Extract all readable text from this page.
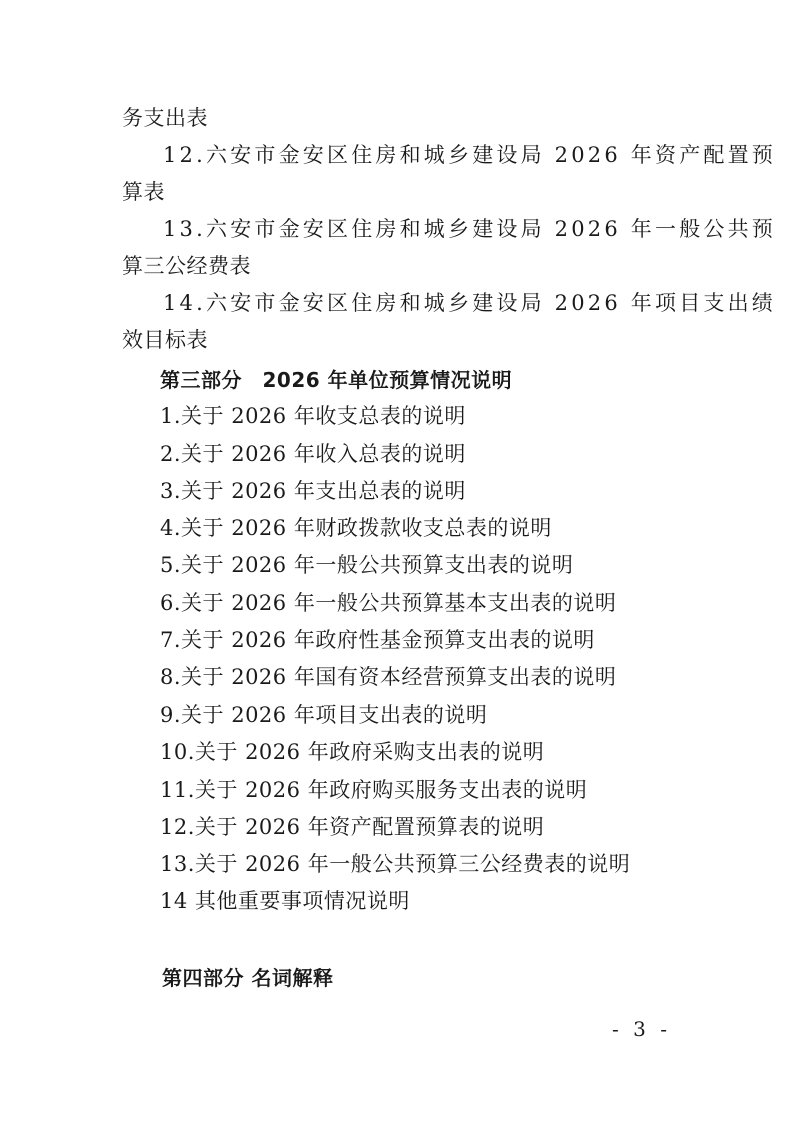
务支出表
12.六安市金安区住房和城乡建设局 2026 年资产配置预
算表
13.六安市金安区住房和城乡建设局 2026 年一般公共预
算三公经费表
14.六安市金安区住房和城乡建设局 2026 年项目支出绩
效目标表
第三部分　2026 年单位预算情况说明
1.关于 2026 年收支总表的说明
2.关于 2026 年收入总表的说明
3.关于 2026 年支出总表的说明
4.关于 2026 年财政拨款收支总表的说明
5.关于 2026 年一般公共预算支出表的说明
6.关于 2026 年一般公共预算基本支出表的说明
7.关于 2026 年政府性基金预算支出表的说明
8.关于 2026 年国有资本经营预算支出表的说明
9.关于 2026 年项目支出表的说明
10.关于 2026 年政府采购支出表的说明
11.关于 2026 年政府购买服务支出表的说明
12.关于 2026 年资产配置预算表的说明
13.关于 2026 年一般公共预算三公经费表的说明
14 其他重要事项情况说明
第四部分 名词解释
- 3 -
